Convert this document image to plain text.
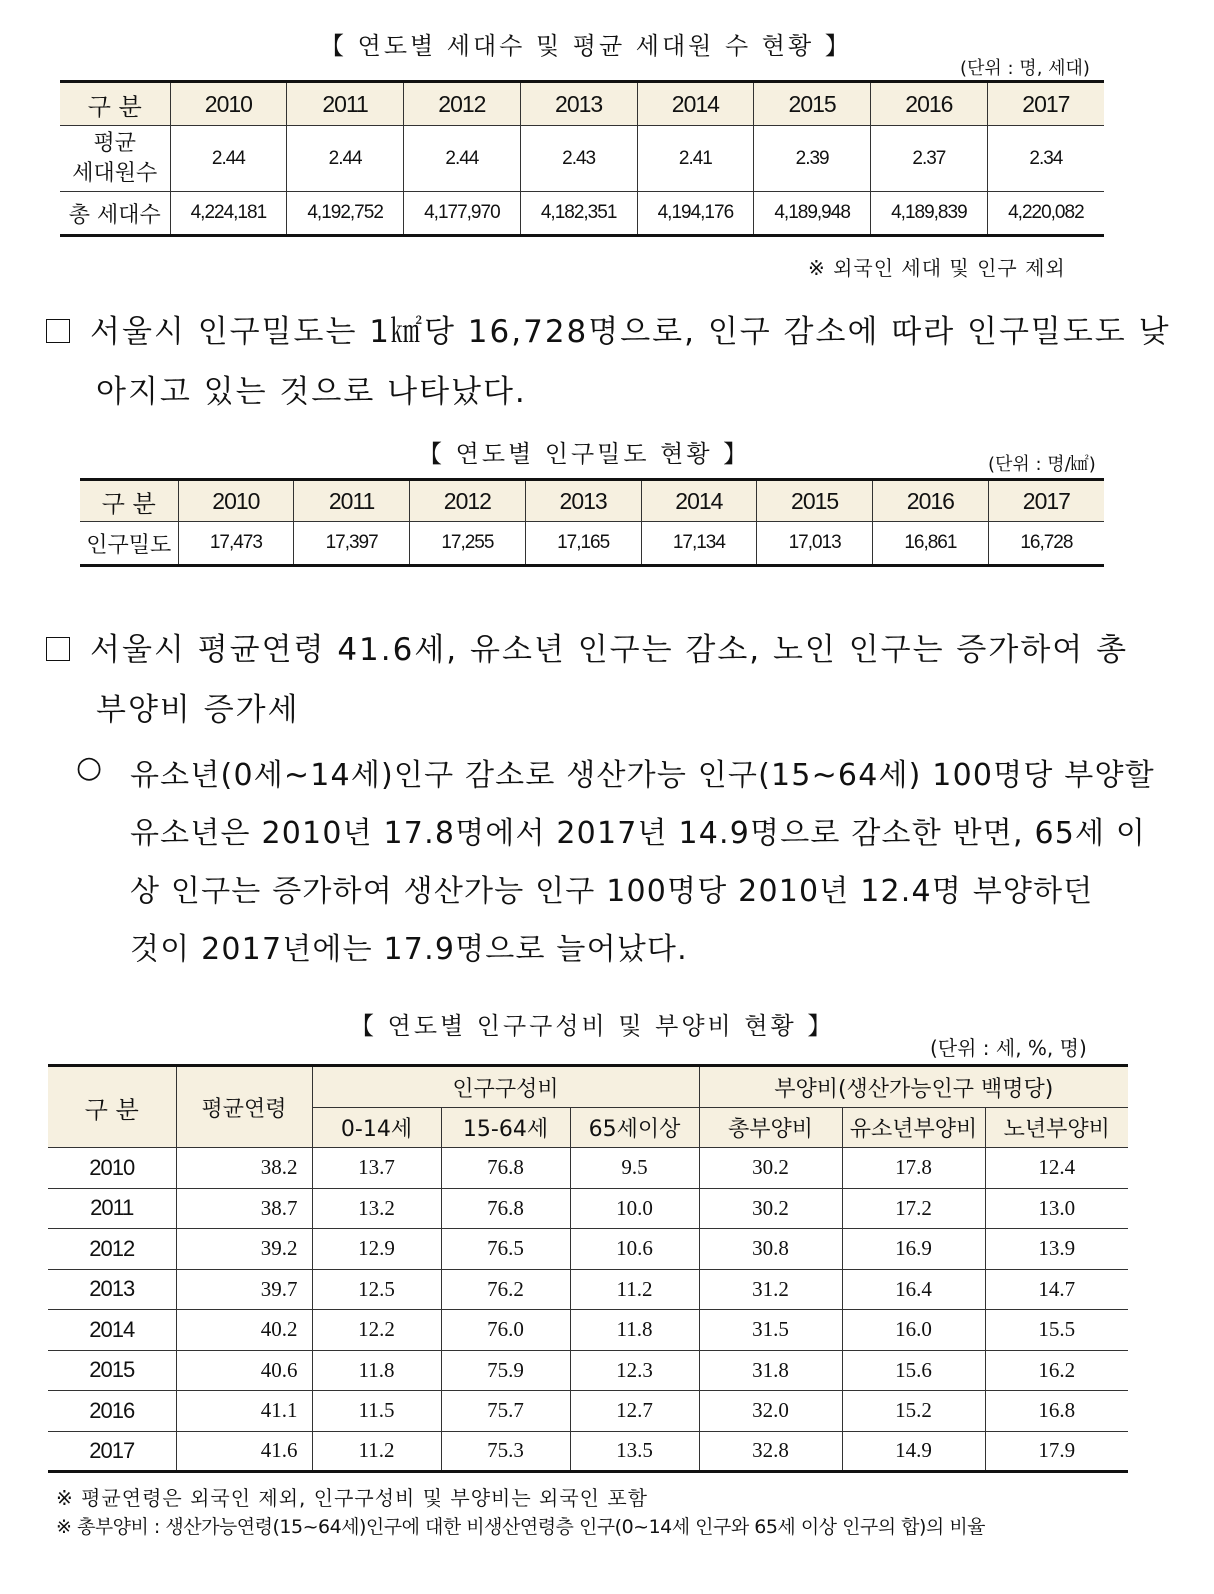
【 연도별 세대수 및 평균 세대원 수 현황 】
(단위 : 명, 세대)
구 분	2010	2011	2012	2013	2014	2015	2016	2017
평균
세대원수	2.44	2.44	2.44	2.43	2.41	2.39	2.37	2.34
총 세대수	4,224,181	4,192,752	4,177,970	4,182,351	4,194,176	4,189,948	4,189,839	4,220,082
※ 외국인 세대 및 인구 제외
서울시 인구밀도는 1㎢당 16,728명으로, 인구 감소에 따라 인구밀도도 낮
아지고 있는 것으로 나타났다.
【 연도별 인구밀도 현황 】	(단위 : 명/㎢)
구 분	2010	2011	2012	2013	2014	2015	2016	2017
인구밀도	17,473	17,397	17,255	17,165	17,134	17,013	16,861	16,728
서울시 평균연령 41.6세, 유소년 인구는 감소, 노인 인구는 증가하여 총
부양비 증가세
○ 유소년(0세~14세)인구 감소로 생산가능 인구(15~64세) 100명당 부양할
유소년은 2010년 17.8명에서 2017년 14.9명으로 감소한 반면, 65세 이
상 인구는 증가하여 생산가능 인구 100명당 2010년 12.4명 부양하던
것이 2017년에는 17.9명으로 늘어났다.
【 연도별 인구구성비 및 부양비 현황 】
(단위 : 세, %, 명)
구 분	평균연령	인구구성비			부양비(생산가능인구 백명당)		
		0-14세	15-64세	65세이상	총부양비	유소년부양비	노년부양비
2010	38.2	13.7	76.8	9.5	30.2	17.8	12.4
2011	38.7	13.2	76.8	10.0	30.2	17.2	13.0
2012	39.2	12.9	76.5	10.6	30.8	16.9	13.9
2013	39.7	12.5	76.2	11.2	31.2	16.4	14.7
2014	40.2	12.2	76.0	11.8	31.5	16.0	15.5
2015	40.6	11.8	75.9	12.3	31.8	15.6	16.2
2016	41.1	11.5	75.7	12.7	32.0	15.2	16.8
2017	41.6	11.2	75.3	13.5	32.8	14.9	17.9
※ 평균연령은 외국인 제외, 인구구성비 및 부양비는 외국인 포함
※ 총부양비 : 생산가능연령(15~64세)인구에 대한 비생산연령층 인구(0~14세 인구와 65세 이상 인구의 합)의 비율
